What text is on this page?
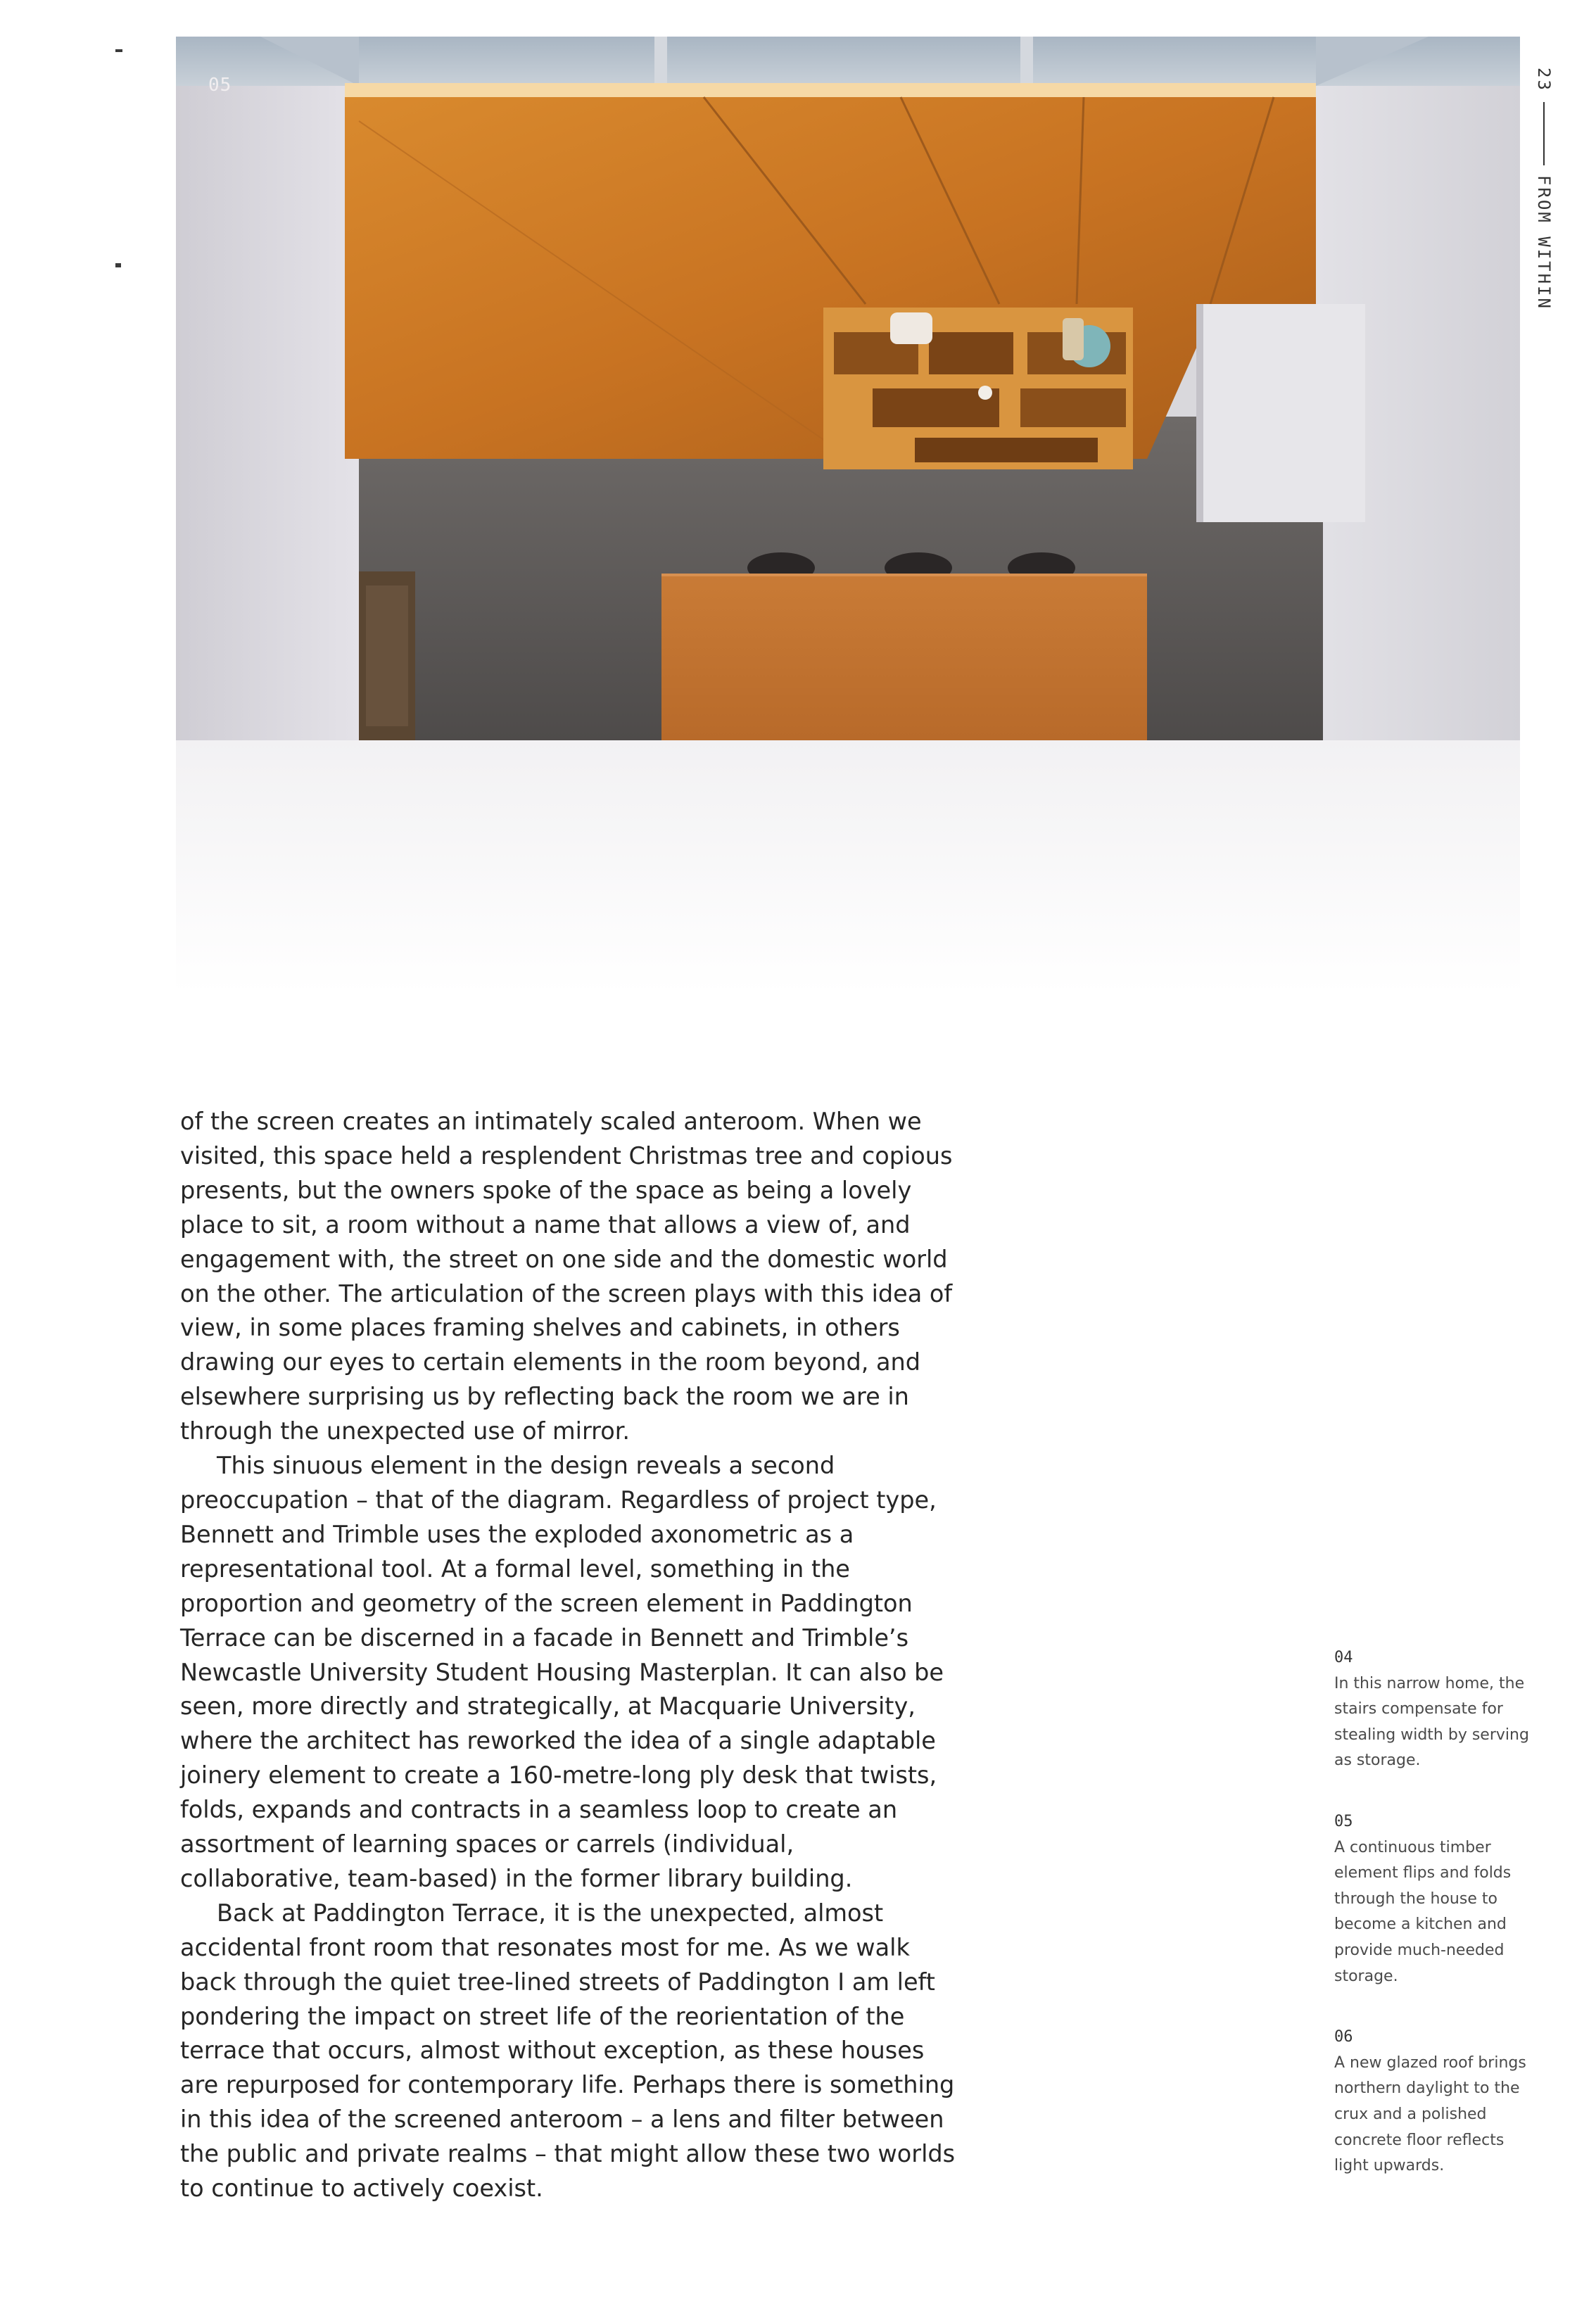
05	23
FROM WITHIN

of the screen creates an intimately scaled anteroom. When we visited, this space held a resplendent Christmas tree and copious presents, but the owners spoke of the space as being a lovely place to sit, a room without a name that allows a view of, and engagement with, the street on one side and the domestic world on the other. The articulation of the screen plays with this idea of view, in some places framing shelves and cabinets, in others drawing our eyes to certain elements in the room beyond, and elsewhere surprising us by reflecting back the room we are in through the unexpected use of mirror.

This sinuous element in the design reveals a second preoccupation – that of the diagram. Regardless of project type, Bennett and Trimble uses the exploded axonometric as a representational tool. At a formal level, something in the proportion and geometry of the screen element in Paddington Terrace can be discerned in a facade in Bennett and Trimble’s Newcastle University Student Housing Masterplan. It can also be seen, more directly and strategically, at Macquarie University, where the architect has reworked the idea of a single adaptable joinery element to create a 160-metre-long ply desk that twists, folds, expands and contracts in a seamless loop to create an assortment of learning spaces or carrels (individual, collaborative, team-based) in the former library building.

Back at Paddington Terrace, it is the unexpected, almost accidental front room that resonates most for me. As we walk back through the quiet tree-lined streets of Paddington I am left pondering the impact on street life of the reorientation of the terrace that occurs, almost without exception, as these houses are repurposed for contemporary life. Perhaps there is something in this idea of the screened anteroom – a lens and filter between the public and private realms – that might allow these two worlds to continue to actively coexist.

04
In this narrow home, the stairs compensate for stealing width by serving as storage.
05
A continuous timber element flips and folds through the house to become a kitchen and provide much-needed storage.
06
A new glazed roof brings northern daylight to the crux and a polished concrete floor reflects light upwards.
